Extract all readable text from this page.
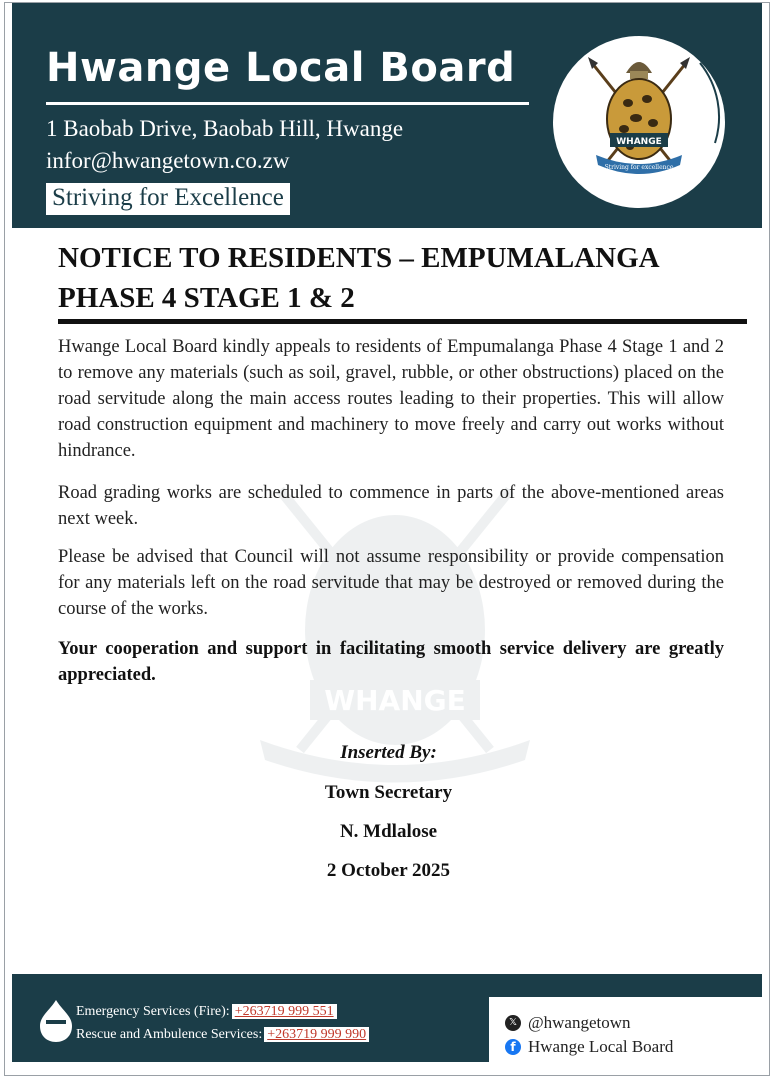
Hwange Local Board
1 Baobab Drive, Baobab Hill, Hwange
infor@hwangetown.co.zw
Striving for Excellence
WHANGE
Striving for excellence
WHANGE
NOTICE TO RESIDENTS – EMPUMALANGA PHASE 4 STAGE 1 & 2

Hwange Local Board kindly appeals to residents of Empumalanga Phase 4 Stage 1 and 2 to remove any materials (such as soil, gravel, rubble, or other obstructions) placed on the road servitude along the main access routes leading to their properties. This will allow road construction equipment and machinery to move freely and carry out works without hindrance.

Road grading works are scheduled to commence in parts of the above-mentioned areas next week.

Please be advised that Council will not assume responsibility or provide compensation for any materials left on the road servitude that may be destroyed or removed during the course of the works.

Your cooperation and support in facilitating smooth service delivery are greatly appreciated.

Inserted By:
Town Secretary
N. Mdlalose
2 October 2025
Emergency Services (Fire): +263719 999 551
Rescue and Ambulence Services: +263719 999 990
𝕏 @hwangetown
f Hwange Local Board
